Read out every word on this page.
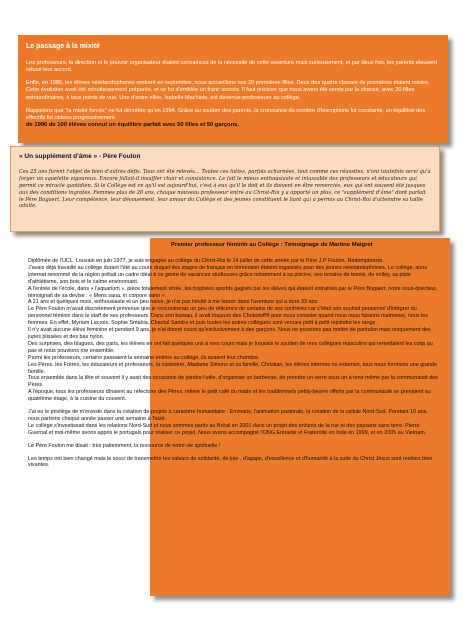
Le passage à la mixité

Les professeurs, la direction et le pouvoir organisateur étaient convaincus de la nécessité de cette ouverture mais curieusement, et par deux fois, les parents eleuvent refusé leur accord.

Enfin, en 1986, les élèves néérlandophones rentrent en septembre, nous accueillons nos 20 premières filles. Deux des quatre classes de premières étaient mixtes. Cette évolution avait été minutieusement préparée, et ce fut d'emblée un franc succès. Il faut préciser que nous avons été servis par la chance, avec 20 filles extraordinaires, à tous points de vue. Une d'entre elles, Isabelle Machiels, est devenue professeure au collège.

Rappelons que "la mixité forcée" ne fut décrétée qu'en 1994. Grâce au soutien des parents, la croissance du nombre d'inscriptions fut constante, un équilibre des effectifs fut obtenu progressivement.

de 1996 de 100 élèves connut un équilibre parfait avec 50 filles et 50 garçons.

« Un supplément d'âme » - Père Foulon

Ces 25 ans furent l'objet de bien d'autres défis. Tous ont été relevés… Toutes ces luttes, parfois acharnées, tout comme ces réussites, n'ont toutefois servi qu'à forger un squelette vigoureux. Encore fallait-il insuffler chair et consistance. Le fait le mieux enthousiaste et inlassable des professeurs et éducateurs qui permit ce miracle quotidien. Si le Collège est ce qu'il est aujourd'hui, c'est à eux qu'il le doit et ils doivent en être remerciés, eux qui ont souvent été jusques aux des conditions ingrates. Femmes plus de 20 ans, chaque nouveau professeur entré au Christ-Roi y a apporté un plus, ce "supplément d'âme" dont parlait le Père Bogaert. Leur compétence, leur dévouement, leur amour du Collège et des jeunes constituent le liant qui a permis au Christ-Roi d'atteindre sa taille adulte.

Premier professeur féminin au Collège : Témoignage de Martine Maigret

Diplômée de l'UCL, Louvain en juin 1977, je suis engagée au collège du Christ-Roi le 14 juillet de cette année par le Père J.P Foulon, Rédemptoriste.

J'avais déjà travaillé au collège durant l'été au cours duquel des stages de français en immersion étaient organisés pour des jeunes néerlandophones. Le collège, alors internat renommé de la région prêtait un cadre idéal à ce genre de vacances studieuses grâce notamment à sa piscine, ses terrains de tennis, de volley, sa piste d'athlétisme, son bois et le calme environnant.

A l'entrée de l'école, dans « l'aquarium », pièce totalement vitrée, les trophées sportifs gagnés par les élèves qui étaient entraînés par le Père Bogaert, notre sous-directeur, témoignait de sa devise : « Mens sana, in corpore sano ».

A 21 ans et quelques mois, enthousiaste et un peu naïve, je n'ai pas hésité à me lancer dans l'aventure qui a duré 33 ans.

Le Père Foulon m'avait discrètement prévenue que je rencontrerais un peu de réticence de certains de ses confrères car c'était son souhait personnel d'intégrer du personnel féminin dans le staff de ses professeurs. Dans son bureau, il avait toujours des Chokotoff® pour nous consoler quand nous nous faisions malmener, nous les femmes. En effet, Myriam Lacroix, Sophie Smahia, Chantal Sandra et puis toutes les autres collègues sont venues petit à petit rejoindre les rangs .

Il n'y avait aucune élève féminine et pendant 9 ans, je n'ai donné cours qu'exclusivement à des garçons. Nous ne pouvions pas mettre de pantalon mais uniquement des jupes plissées et des bas nylon.

Des surprises, des blagues, des paris, les élèves en ont fait quelques uns à mes cours mais je trouvais le soutien de mes collègues masculins qui remettaient les coqs au pas et nous pouvions rire ensemble.

Parmi les professeurs, certains passaient la semaine entière au collège, ils avaient leur chambre.

Les Pères, les Frères, les éducateurs et professeurs, la cuisinière, Madame Simons et sa famille, Christian, les élèves internes ou externes, tous nous formions une grande famille.

Tous ensemble dans la fête et souvent il y avait des occasions de joindre l'utile, d'organiser un barbecue, de prendre un verre sous un à tenir même par la communauté des Pères.

A l'époque, tous les professeurs dînaient au réfectoire des Pères, même le petit café du matin et les traditionnels petits-beurre offerts par la communauté se prenaient au quatrième étage, à la cuisine du couvent.

J'ai eu le privilège de m'investir dans la création de projets à caractère humanitaire : Emmaüs, l'animation pastorale, la création de la cellule Nord-Sud. Pendant 10 ans, nous partions chaque année passer une semaine à Taizé.

Le collège s'investissait dans les relations Nord-Sud et nous sommes partis au Brésil en 2001 dans un projet des enfants de la rue et des paysans sans terre. Pierre Guernal et moi-même avons appris le portugais pour réaliser ce projet. Nous avons accompagné l'ONG Entraide et Fraternité en Inde en 1999, et en 2005 au Vietnam.

Le Père Foulon me disait : très patiemment, la ressource de notre vie spirituelle !

Les temps ont bien changé mais le souci de transmettre les valeurs de solidarité, de joie , d'agape, d'excellence et d'humanité à la suite du Christ Jésus sont restées bien vivantes.
